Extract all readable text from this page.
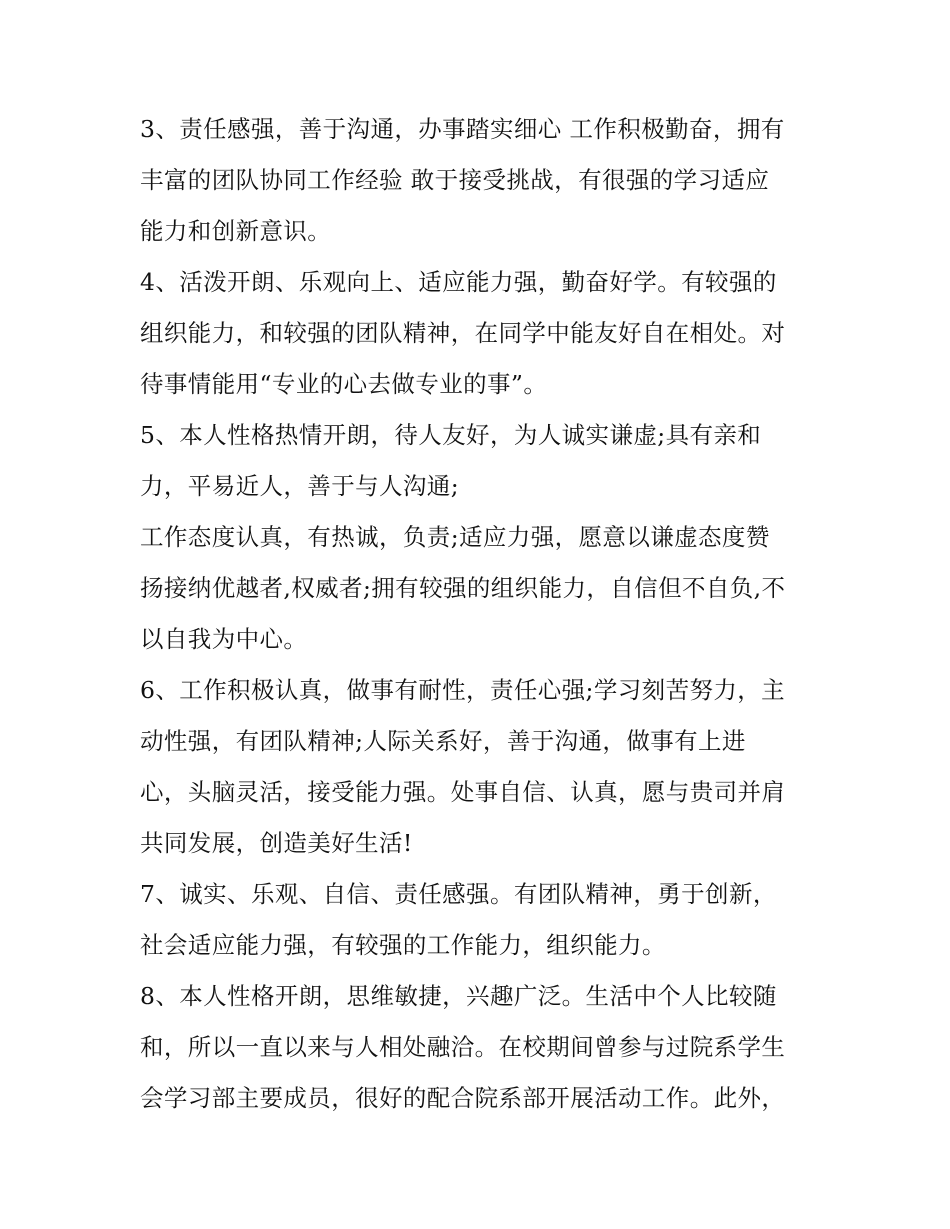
3、责任感强，善于沟通，办事踏实细心 工作积极勤奋，拥有
丰富的团队协同工作经验 敢于接受挑战，有很强的学习适应
能力和创新意识。
4、活泼开朗、乐观向上、适应能力强，勤奋好学。有较强的
组织能力，和较强的团队精神，在同学中能友好自在相处。对
待事情能用“专业的心去做专业的事”。
5、本人性格热情开朗，待人友好，为人诚实谦虚;具有亲和
力，平易近人，善于与人沟通;
工作态度认真，有热诚，负责;适应力强，愿意以谦虚态度赞
扬接纳优越者,权威者;拥有较强的组织能力，自信但不自负,不
以自我为中心。
6、工作积极认真，做事有耐性，责任心强;学习刻苦努力，主
动性强，有团队精神;人际关系好，善于沟通，做事有上进
心，头脑灵活，接受能力强。处事自信、认真，愿与贵司并肩
共同发展，创造美好生活!
7、诚实、乐观、自信、责任感强。有团队精神，勇于创新，
社会适应能力强，有较强的工作能力，组织能力。
8、本人性格开朗，思维敏捷，兴趣广泛。生活中个人比较随
和，所以一直以来与人相处融洽。在校期间曾参与过院系学生
会学习部主要成员，很好的配合院系部开展活动工作。此外，
